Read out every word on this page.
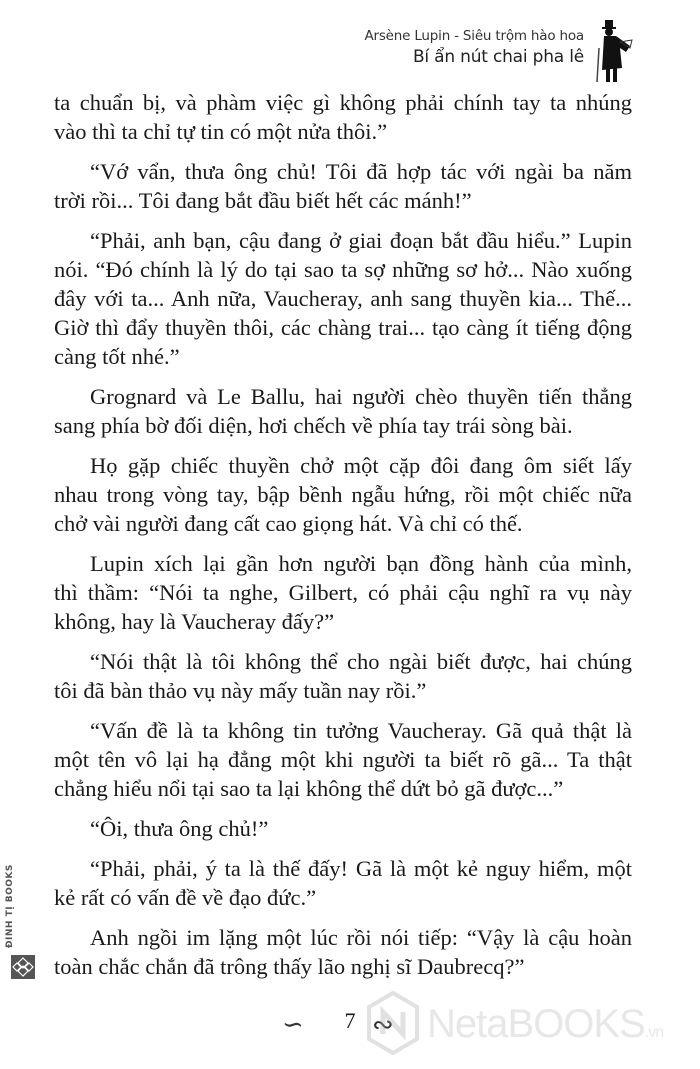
Arsène Lupin - Siêu trộm hào hoa
Bí ẩn nút chai pha lê
ta chuẩn bị, và phàm việc gì không phải chính tay ta nhúng
vào thì ta chỉ tự tin có một nửa thôi.”
“Vớ vẩn, thưa ông chủ! Tôi đã hợp tác với ngài ba năm
trời rồi... Tôi đang bắt đầu biết hết các mánh!”
“Phải, anh bạn, cậu đang ở giai đoạn bắt đầu hiểu.” Lupin
nói. “Đó chính là lý do tại sao ta sợ những sơ hở... Nào xuống
đây với ta... Anh nữa, Vaucheray, anh sang thuyền kia... Thế...
Giờ thì đẩy thuyền thôi, các chàng trai... tạo càng ít tiếng động
càng tốt nhé.”
Grognard và Le Ballu, hai người chèo thuyền tiến thẳng
sang phía bờ đối diện, hơi chếch về phía tay trái sòng bài.
Họ gặp chiếc thuyền chở một cặp đôi đang ôm siết lấy
nhau trong vòng tay, bập bềnh ngẫu hứng, rồi một chiếc nữa
chở vài người đang cất cao giọng hát. Và chỉ có thế.
Lupin xích lại gần hơn người bạn đồng hành của mình,
thì thầm: “Nói ta nghe, Gilbert, có phải cậu nghĩ ra vụ này
không, hay là Vaucheray đấy?”
“Nói thật là tôi không thể cho ngài biết được, hai chúng
tôi đã bàn thảo vụ này mấy tuần nay rồi.”
“Vấn đề là ta không tin tưởng Vaucheray. Gã quả thật là
một tên vô lại hạ đẳng một khi người ta biết rõ gã... Ta thật
chẳng hiểu nổi tại sao ta lại không thể dứt bỏ gã được...”
“Ôi, thưa ông chủ!”
“Phải, phải, ý ta là thế đấy! Gã là một kẻ nguy hiểm, một
kẻ rất có vấn đề về đạo đức.”
Anh ngồi im lặng một lúc rồi nói tiếp: “Vậy là cậu hoàn
toàn chắc chắn đã trông thấy lão nghị sĩ Daubrecq?”
ĐINH TỊ BOOKS
∽	7 ∾ NetaBOOKS.vn
